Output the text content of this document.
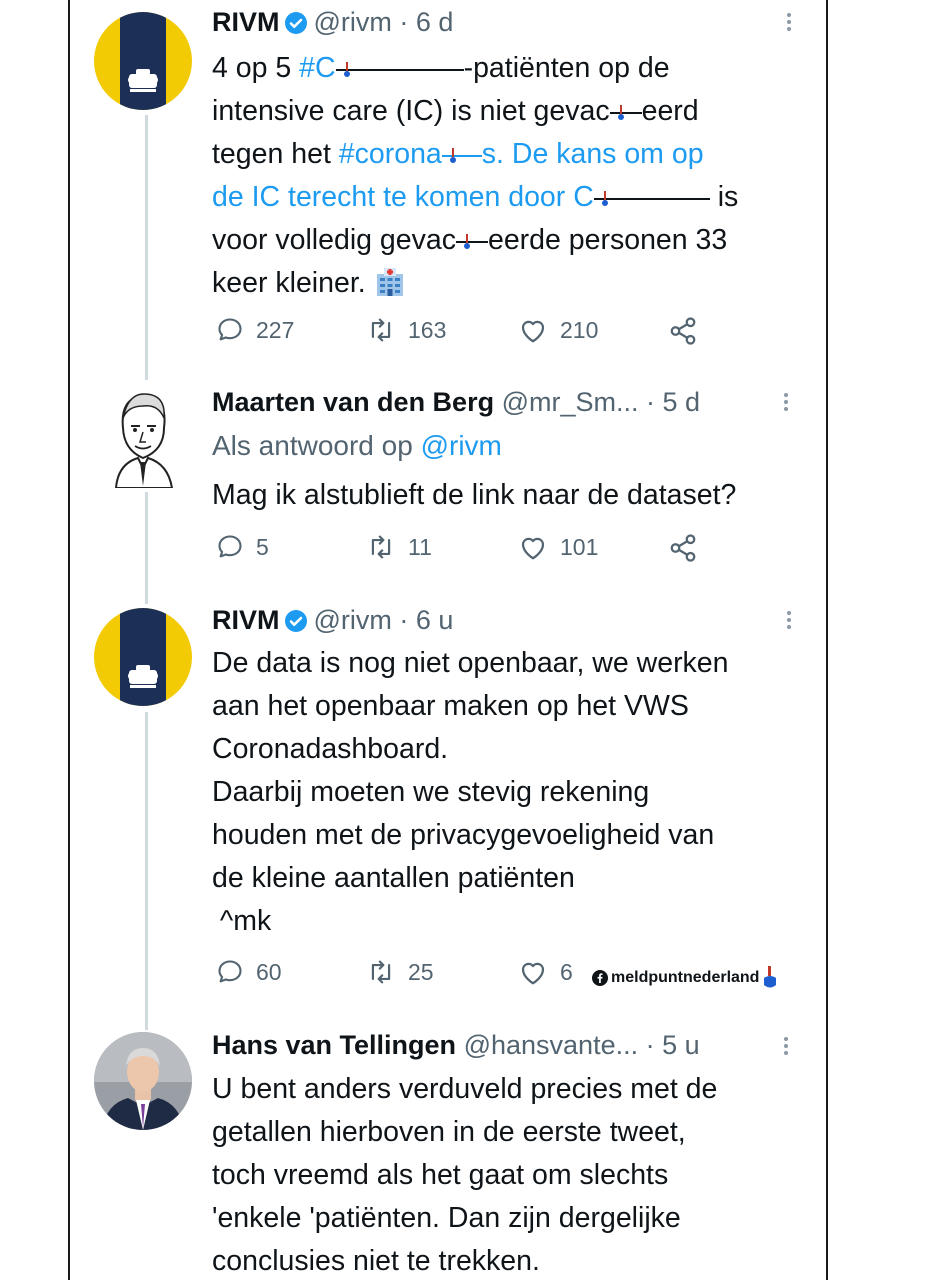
RIVM @rivm · 6 d
4 op 5 #C	-patiënten op de
intensive care (IC) is niet gevac eerd
tegen het #corona s. De kans om op
de IC terecht te komen door C	is
voor volledig gevac eerde personen 33
keer kleiner.
227	163	210
Maarten van den Berg @mr_Sm... · 5 d
Als antwoord op @rivm
Mag ik alstublieft de link naar de dataset?
5	11	101
RIVM @rivm · 6 u
De data is nog niet openbaar, we werken
aan het openbaar maken op het VWS
Coronadashboard.
Daarbij moeten we stevig rekening
houden met de privacygevoeligheid van
de kleine aantallen patiënten
^mk
60	25	6 meldpuntnederland
Hans van Tellingen @hansvante... · 5 u
U bent anders verduveld precies met de
getallen hierboven in de eerste tweet,
toch vreemd als het gaat om slechts
'enkele 'patiënten. Dan zijn dergelijke
conclusies niet te trekken.
